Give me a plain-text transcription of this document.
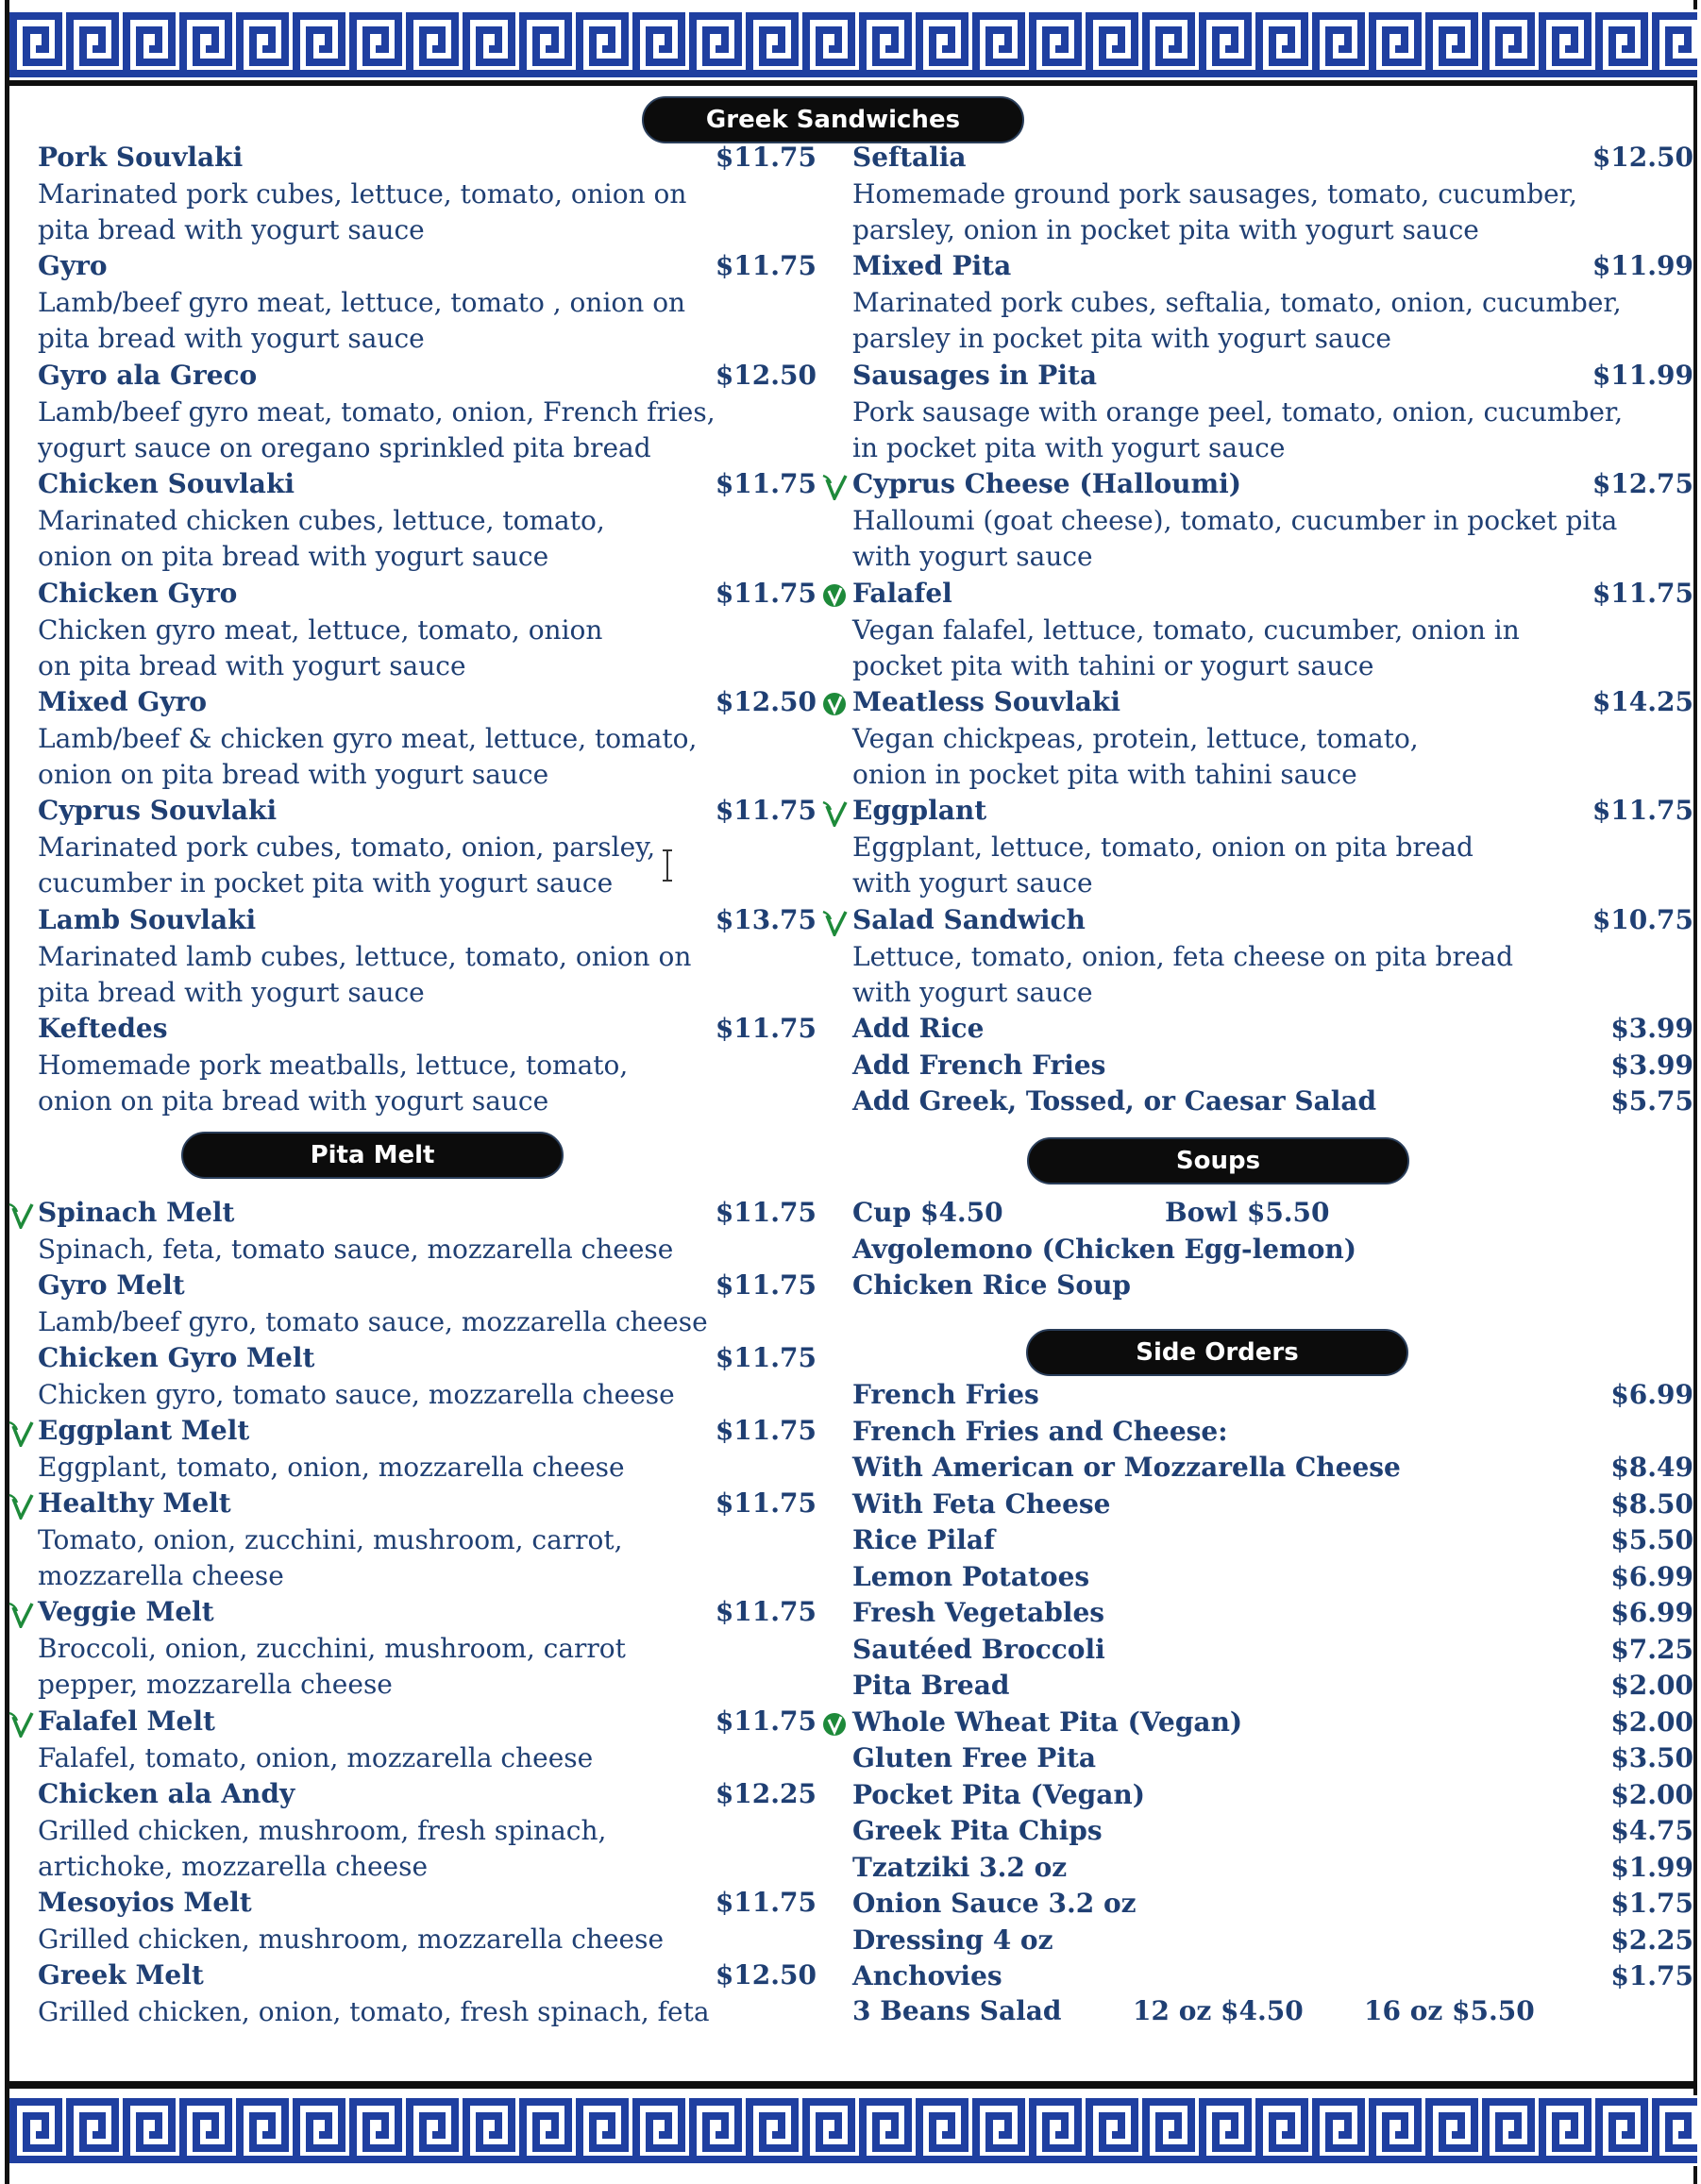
Greek Sandwiches
Pita Melt	Soups
Side Orders
Pork Souvlaki	$11.75
Marinated pork cubes, lettuce, tomato, onion on
pita bread with yogurt sauce
Gyro	$11.75
Lamb/beef gyro meat, lettuce, tomato , onion on
pita bread with yogurt sauce
Gyro ala Greco	$12.50
Lamb/beef gyro meat, tomato, onion, French fries,
yogurt sauce on oregano sprinkled pita bread
Chicken Souvlaki	$11.75
Marinated chicken cubes, lettuce, tomato,
onion on pita bread with yogurt sauce
Chicken Gyro	$11.75
Chicken gyro meat, lettuce, tomato, onion
on pita bread with yogurt sauce
Mixed Gyro	$12.50
Lamb/beef & chicken gyro meat, lettuce, tomato,
onion on pita bread with yogurt sauce
Cyprus Souvlaki	$11.75
Marinated pork cubes, tomato, onion, parsley,
cucumber in pocket pita with yogurt sauce
Lamb Souvlaki	$13.75
Marinated lamb cubes, lettuce, tomato, onion on
pita bread with yogurt sauce
Keftedes	$11.75
Homemade pork meatballs, lettuce, tomato,
onion on pita bread with yogurt sauce
Seftalia	$12.50
Homemade ground pork sausages, tomato, cucumber,
parsley, onion in pocket pita with yogurt sauce
Mixed Pita	$11.99
Marinated pork cubes, seftalia, tomato, onion, cucumber,
parsley in pocket pita with yogurt sauce
Sausages in Pita	$11.99
Pork sausage with orange peel, tomato, onion, cucumber,
in pocket pita with yogurt sauce
Cyprus Cheese (Halloumi)	$12.75
Halloumi (goat cheese), tomato, cucumber in pocket pita
with yogurt sauce
Falafel	$11.75
Vegan falafel, lettuce, tomato, cucumber, onion in
pocket pita with tahini or yogurt sauce
Meatless Souvlaki	$14.25
Vegan chickpeas, protein, lettuce, tomato,
onion in pocket pita with tahini sauce
Eggplant	$11.75
Eggplant, lettuce, tomato, onion on pita bread
with yogurt sauce
Salad Sandwich	$10.75
Lettuce, tomato, onion, feta cheese on pita bread
with yogurt sauce
Add Rice	$3.99
Add French Fries	$3.99
Add Greek, Tossed, or Caesar Salad	$5.75
Spinach Melt	$11.75
Spinach, feta, tomato sauce, mozzarella cheese
Gyro Melt	$11.75
Lamb/beef gyro, tomato sauce, mozzarella cheese
Chicken Gyro Melt	$11.75
Chicken gyro, tomato sauce, mozzarella cheese
Eggplant Melt	$11.75
Eggplant, tomato, onion, mozzarella cheese
Healthy Melt	$11.75
Tomato, onion, zucchini, mushroom, carrot,
mozzarella cheese
Veggie Melt	$11.75
Broccoli, onion, zucchini, mushroom, carrot
pepper, mozzarella cheese
Falafel Melt	$11.75
Falafel, tomato, onion, mozzarella cheese
Chicken ala Andy	$12.25
Grilled chicken, mushroom, fresh spinach,
artichoke, mozzarella cheese
Mesoyios Melt	$11.75
Grilled chicken, mushroom, mozzarella cheese
Greek Melt	$12.50
Grilled chicken, onion, tomato, fresh spinach, feta
Cup $4.50	Bowl $5.50
Avgolemono (Chicken Egg-lemon)
Chicken Rice Soup
French Fries	$6.99
French Fries and Cheese:
With American or Mozzarella Cheese	$8.49
With Feta Cheese	$8.50
Rice Pilaf	$5.50
Lemon Potatoes	$6.99
Fresh Vegetables	$6.99
Sautéed Broccoli	$7.25
Pita Bread	$2.00
Whole Wheat Pita (Vegan)	$2.00
Gluten Free Pita	$3.50
Pocket Pita (Vegan)	$2.00
Greek Pita Chips	$4.75
Tzatziki 3.2 oz	$1.99
Onion Sauce 3.2 oz	$1.75
Dressing 4 oz	$2.25
Anchovies	$1.75
3 Beans Salad	12 oz $4.50 16 oz $5.50
